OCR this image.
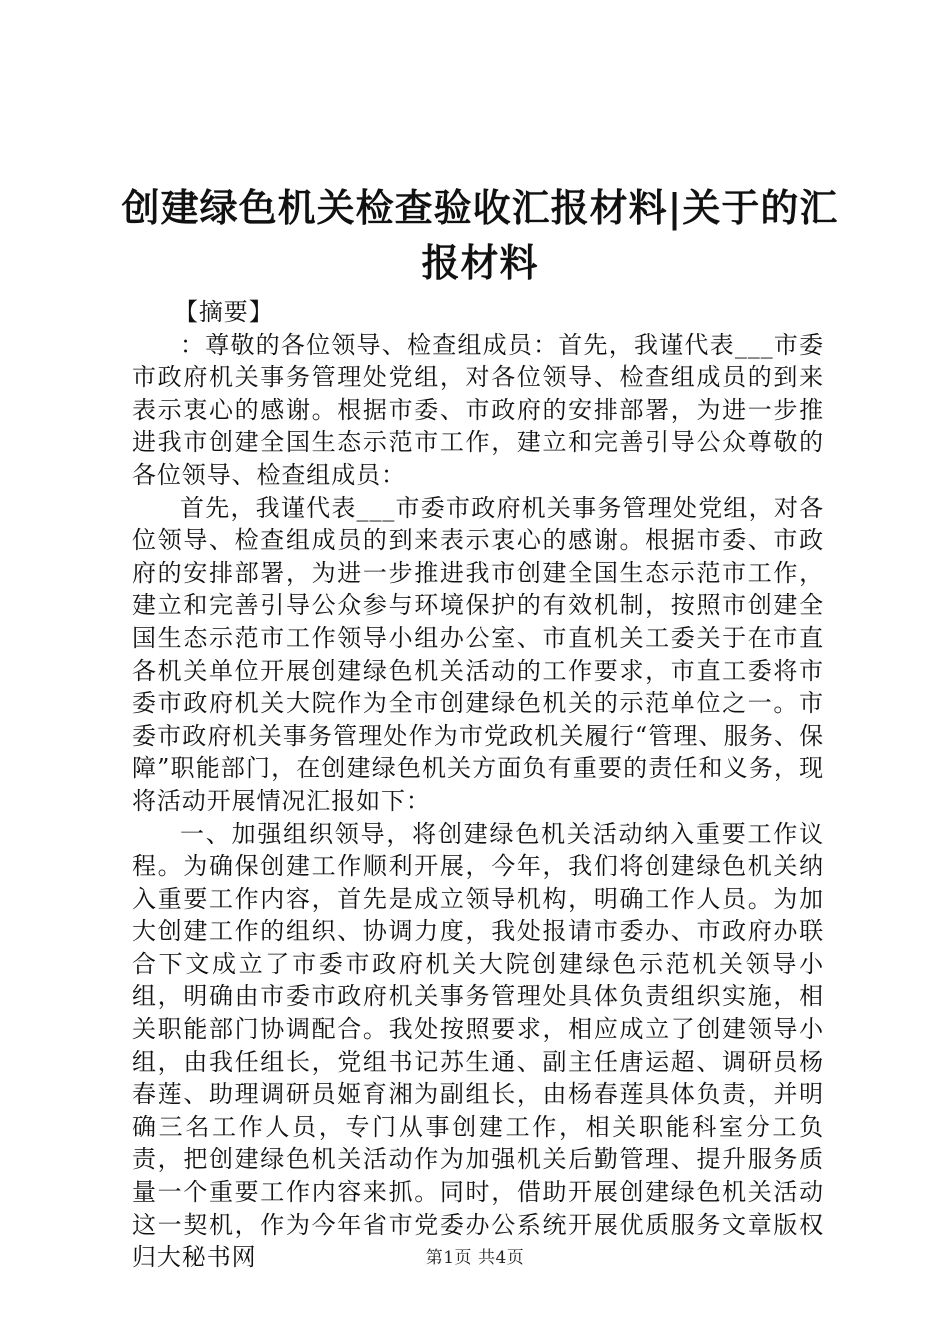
创建绿色机关检查验收汇报材料|关于的汇报材料

【摘要】

：尊敬的各位领导、检查组成员：首先，我谨代表___市委市政府机关事务管理处党组，对各位领导、检查组成员的到来表示衷心的感谢。根据市委、市政府的安排部署，为进一步推进我市创建全国生态示范市工作，建立和完善引导公众尊敬的各位领导、检查组成员：

首先，我谨代表___市委市政府机关事务管理处党组，对各位领导、检查组成员的到来表示衷心的感谢。根据市委、市政府的安排部署，为进一步推进我市创建全国生态示范市工作，建立和完善引导公众参与环境保护的有效机制，按照市创建全国生态示范市工作领导小组办公室、市直机关工委关于在市直各机关单位开展创建绿色机关活动的工作要求，市直工委将市委市政府机关大院作为全市创建绿色机关的示范单位之一。市委市政府机关事务管理处作为市党政机关履行“管理、服务、保障”职能部门，在创建绿色机关方面负有重要的责任和义务，现将活动开展情况汇报如下：

一、加强组织领导，将创建绿色机关活动纳入重要工作议程。为确保创建工作顺利开展，今年，我们将创建绿色机关纳入重要工作内容，首先是成立领导机构，明确工作人员。为加大创建工作的组织、协调力度，我处报请市委办、市政府办联合下文成立了市委市政府机关大院创建绿色示范机关领导小组，明确由市委市政府机关事务管理处具体负责组织实施，相关职能部门协调配合。我处按照要求，相应成立了创建领导小组，由我任组长，党组书记苏生通、副主任唐运超、调研员杨春莲、助理调研员姬育湘为副组长，由杨春莲具体负责，并明确三名工作人员，专门从事创建工作，相关职能科室分工负责，把创建绿色机关活动作为加强机关后勤管理、提升服务质量一个重要工作内容来抓。同时，借助开展创建绿色机关活动这一契机，作为今年省市党委办公系统开展优质服务文章版权归大秘书网	第1页 共4页
